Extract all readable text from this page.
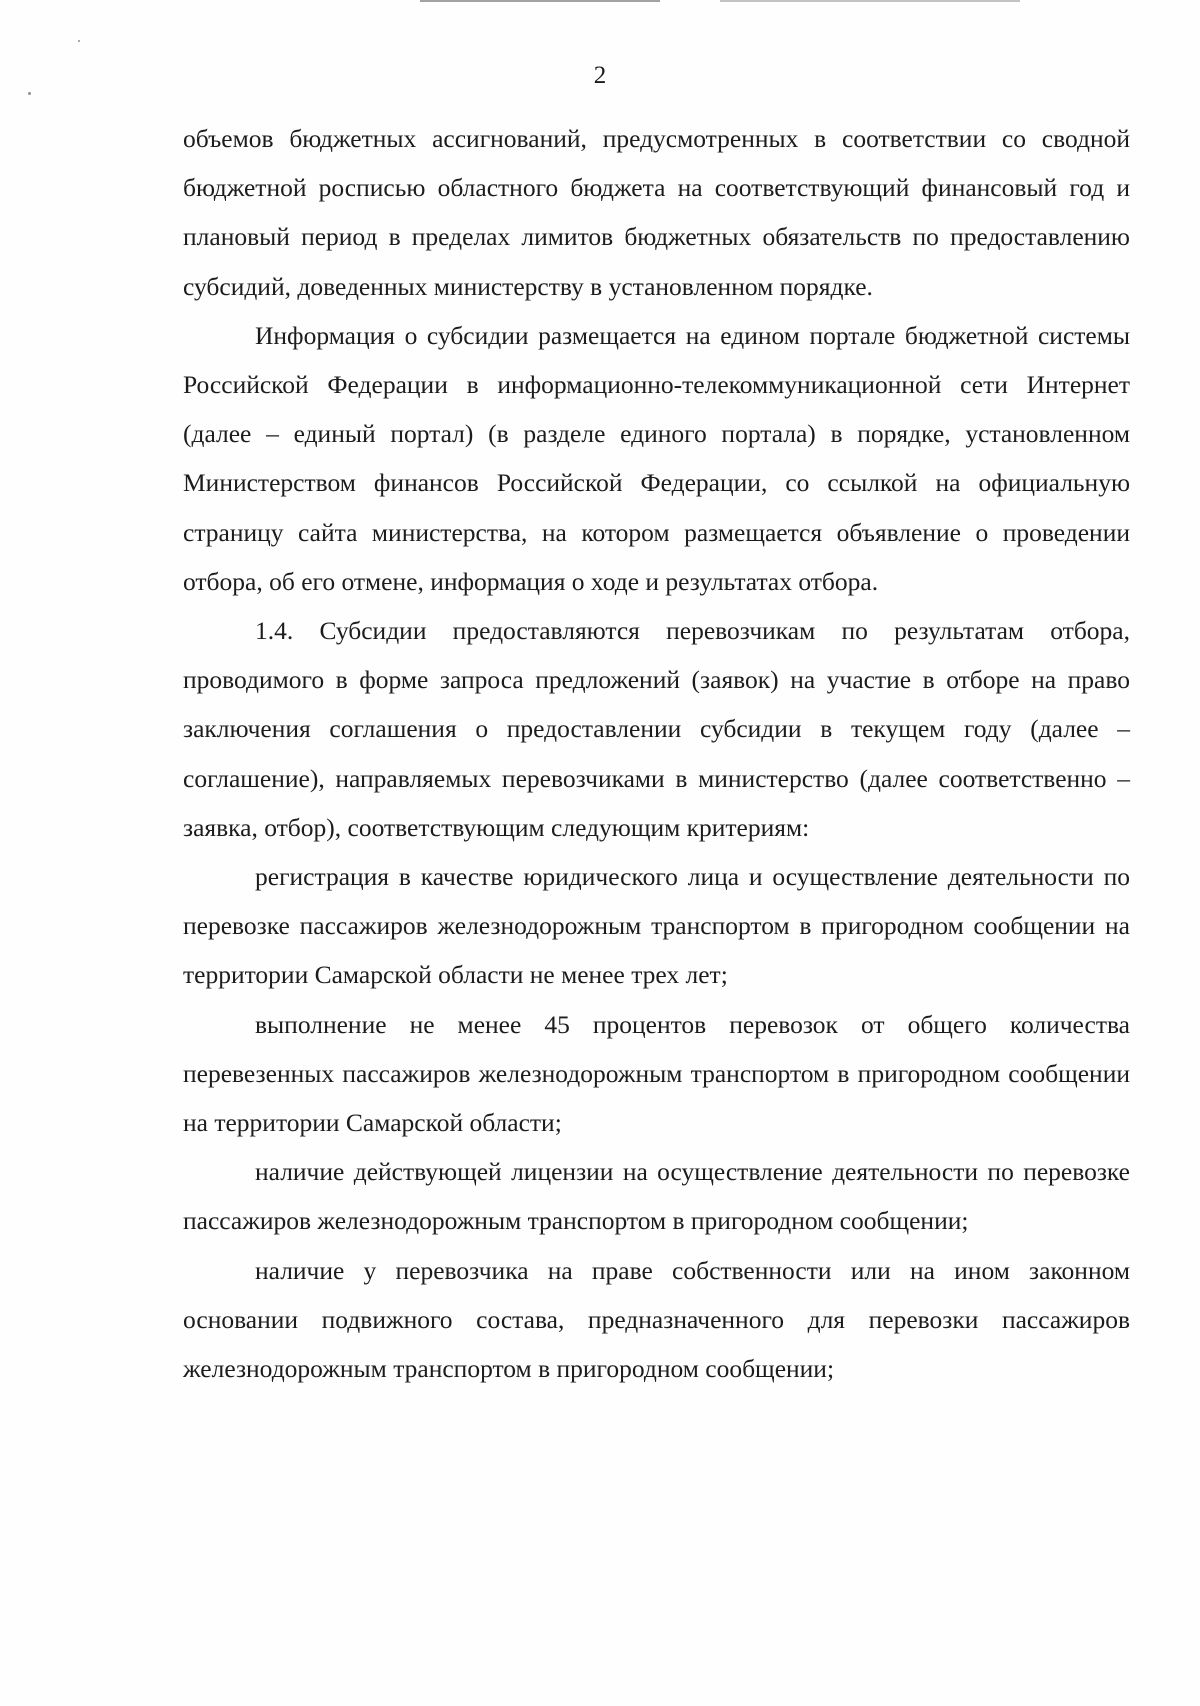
2

объемов бюджетных ассигнований, предусмотренных в соответствии со сводной бюджетной росписью областного бюджета на соответствующий финансовый год и плановый период в пределах лимитов бюджетных обязательств по предоставлению субсидий, доведенных министерству в установленном порядке.

Информация о субсидии размещается на едином портале бюджетной системы Российской Федерации в информационно-телекоммуникационной сети Интернет (далее – единый портал) (в разделе единого портала) в порядке, установленном Министерством финансов Российской Федерации, со ссылкой на официальную страницу сайта министерства, на котором размещается объявление о проведении отбора, об его отмене, информация о ходе и результатах отбора.

1.4. Субсидии предоставляются перевозчикам по результатам отбора, проводимого в форме запроса предложений (заявок) на участие в отборе на право заключения соглашения о предоставлении субсидии в текущем году (далее – соглашение), направляемых перевозчиками в министерство (далее соответственно – заявка, отбор), соответствующим следующим критериям:

регистрация в качестве юридического лица и осуществление деятельности по перевозке пассажиров железнодорожным транспортом в пригородном сообщении на территории Самарской области не менее трех лет;

выполнение не менее 45 процентов перевозок от общего количества перевезенных пассажиров железнодорожным транспортом в пригородном сообщении на территории Самарской области;

наличие действующей лицензии на осуществление деятельности по перевозке пассажиров железнодорожным транспортом в пригородном сообщении;

наличие у перевозчика на праве собственности или на ином законном основании подвижного состава, предназначенного для перевозки пассажиров железнодорожным транспортом в пригородном сообщении;
